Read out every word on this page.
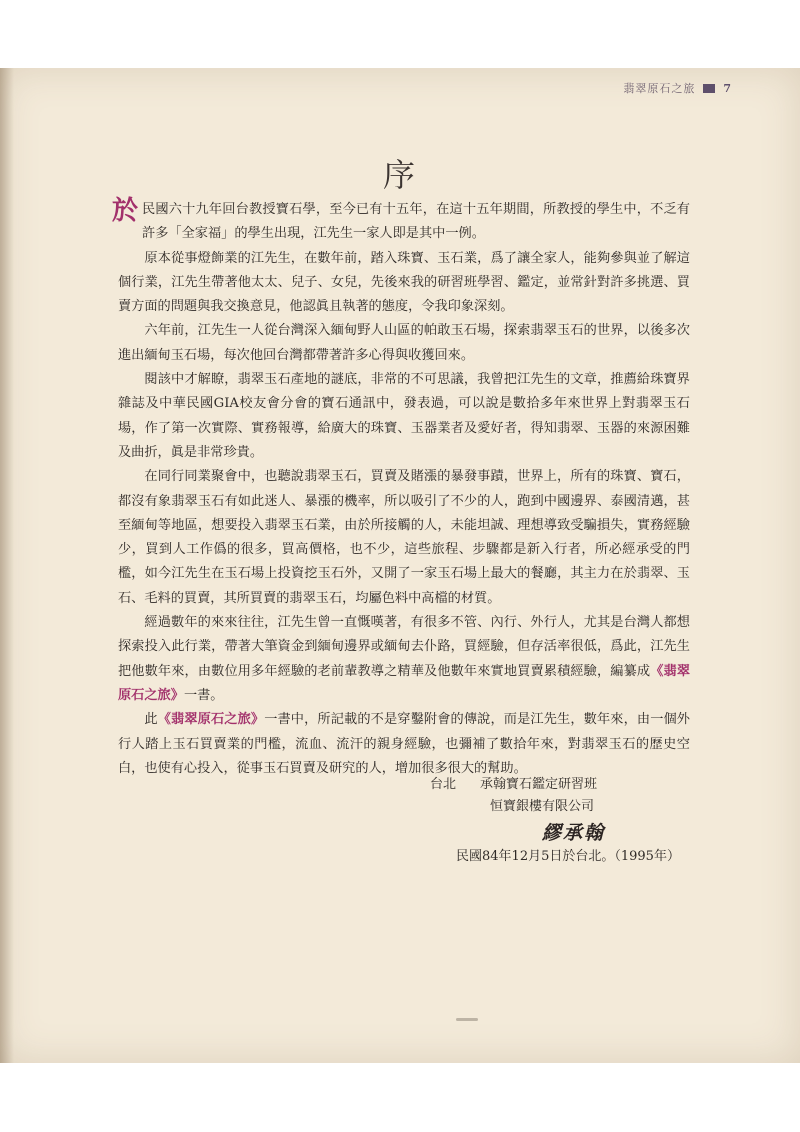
翡翠原石之旅	7
序

於民國六十九年回台教授寶石學，至今已有十五年，在這十五年期間，所教授的學生中，不乏有許多「全家福」的學生出現，江先生一家人即是其中一例。

原本從事燈飾業的江先生，在數年前，踏入珠寶、玉石業，爲了讓全家人，能夠參與並了解這個行業，江先生帶著他太太、兒子、女兒，先後來我的研習班學習、鑑定，並常針對許多挑選、買賣方面的問題與我交換意見，他認眞且執著的態度，令我印象深刻。

六年前，江先生一人從台灣深入緬甸野人山區的帕敢玉石場，探索翡翠玉石的世界，以後多次進出緬甸玉石場，每次他回台灣都帶著許多心得與收獲回來。

閱該中才解瞭，翡翠玉石產地的謎底，非常的不可思議，我曾把江先生的文章，推薦給珠寶界雜誌及中華民國GIA校友會分會的寶石通訊中，發表過，可以說是數拾多年來世界上對翡翠玉石場，作了第一次實際、實務報導，給廣大的珠寶、玉器業者及愛好者，得知翡翠、玉器的來源困難及曲折，眞是非常珍貴。

在同行同業聚會中，也聽說翡翠玉石，買賣及賭漲的暴發事蹟，世界上，所有的珠寶、寶石，都沒有象翡翠玉石有如此迷人、暴漲的機率，所以吸引了不少的人，跑到中國邊界、泰國清邁，甚至緬甸等地區，想要投入翡翠玉石業，由於所接觸的人，未能坦誠、理想導致受騙損失，實務經驗少，買到人工作僞的很多，買高價格，也不少，這些旅程、步驟都是新入行者，所必經承受的門檻，如今江先生在玉石場上投資挖玉石外，又開了一家玉石場上最大的餐廳，其主力在於翡翠、玉石、毛料的買賣，其所買賣的翡翠玉石，均屬色料中高檔的材質。

經過數年的來來往往，江先生曾一直慨嘆著，有很多不管、內行、外行人，尤其是台灣人都想探索投入此行業，帶著大筆資金到緬甸邊界或緬甸去仆路，買經驗，但存活率很低，爲此，江先生把他數年來，由數位用多年經驗的老前輩教導之精華及他數年來實地買賣累積經驗，編纂成《翡翠原石之旅》一書。

此《翡翠原石之旅》一書中，所記載的不是穿鑿附會的傳說，而是江先生，數年來，由一個外行人踏上玉石買賣業的門檻，流血、流汗的親身經驗，也彌補了數拾年來，對翡翠玉石的歷史空白，也使有心投入，從事玉石買賣及研究的人，增加很多很大的幫助。

台北 承翰寶石鑑定研習班
恒寶銀樓有限公司
繆承翰
民國84年12月5日於台北。（1995年）
